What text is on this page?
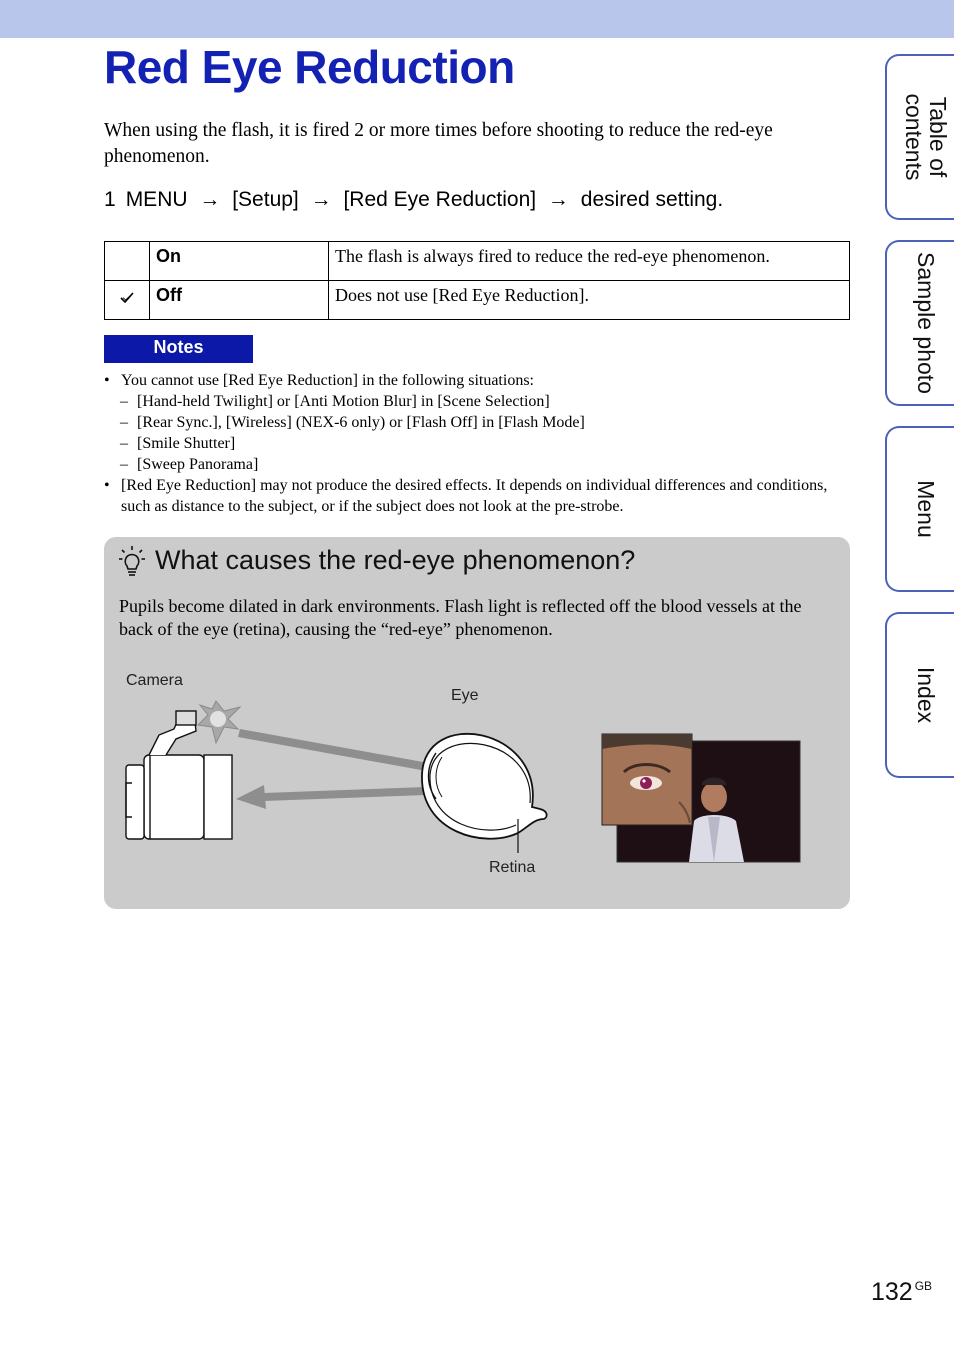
Red Eye Reduction

When using the flash, it is fired 2 or more times before shooting to reduce the red-eye phenomenon.

1 MENU → [Setup] → [Red Eye Reduction] → desired setting.

	On	The flash is always fired to reduce the red-eye phenomenon.
	Off	Does not use [Red Eye Reduction].
Notes
• You cannot use [Red Eye Reduction] in the following situations:
– [Hand-held Twilight] or [Anti Motion Blur] in [Scene Selection]
– [Rear Sync.], [Wireless] (NEX-6 only) or [Flash Off] in [Flash Mode]
– [Smile Shutter]
– [Sweep Panorama]
• [Red Eye Reduction] may not produce the desired effects. It depends on individual differences and conditions, such as distance to the subject, or if the subject does not look at the pre-strobe.
What causes the red-eye phenomenon?

Pupils become dilated in dark environments. Flash light is reflected off the blood vessels at the back of the eye (retina), causing the “red-eye” phenomenon.

Camera
Eye
Retina
Table of contents
Sample photo
Menu
Index
132 $^{GB}$
